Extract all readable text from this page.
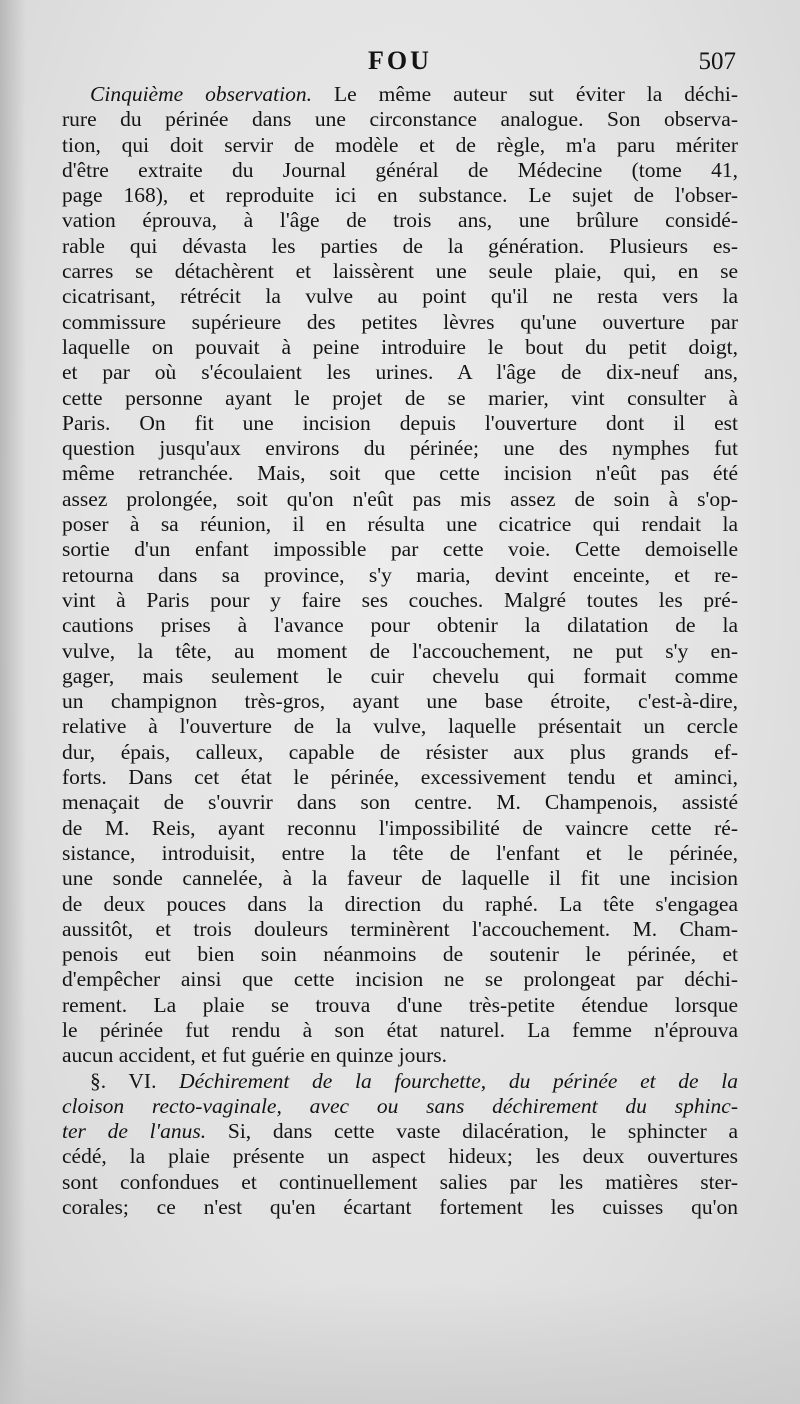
FOU	507
Cinquième observation. Le même auteur sut éviter la déchi-
rure du périnée dans une circonstance analogue. Son observa-
tion, qui doit servir de modèle et de règle, m'a paru mériter
d'être extraite du Journal général de Médecine (tome 41,
page 168), et reproduite ici en substance. Le sujet de l'obser-
vation éprouva, à l'âge de trois ans, une brûlure considé-
rable qui dévasta les parties de la génération. Plusieurs es-
carres se détachèrent et laissèrent une seule plaie, qui, en se
cicatrisant, rétrécit la vulve au point qu'il ne resta vers la
commissure supérieure des petites lèvres qu'une ouverture par
laquelle on pouvait à peine introduire le bout du petit doigt,
et par où s'écoulaient les urines. A l'âge de dix-neuf ans,
cette personne ayant le projet de se marier, vint consulter à
Paris. On fit une incision depuis l'ouverture dont il est
question jusqu'aux environs du périnée; une des nymphes fut
même retranchée. Mais, soit que cette incision n'eût pas été
assez prolongée, soit qu'on n'eût pas mis assez de soin à s'op-
poser à sa réunion, il en résulta une cicatrice qui rendait la
sortie d'un enfant impossible par cette voie. Cette demoiselle
retourna dans sa province, s'y maria, devint enceinte, et re-
vint à Paris pour y faire ses couches. Malgré toutes les pré-
cautions prises à l'avance pour obtenir la dilatation de la
vulve, la tête, au moment de l'accouchement, ne put s'y en-
gager, mais seulement le cuir chevelu qui formait comme
un champignon très-gros, ayant une base étroite, c'est-à-dire,
relative à l'ouverture de la vulve, laquelle présentait un cercle
dur, épais, calleux, capable de résister aux plus grands ef-
forts. Dans cet état le périnée, excessivement tendu et aminci,
menaçait de s'ouvrir dans son centre. M. Champenois, assisté
de M. Reis, ayant reconnu l'impossibilité de vaincre cette ré-
sistance, introduisit, entre la tête de l'enfant et le périnée,
une sonde cannelée, à la faveur de laquelle il fit une incision
de deux pouces dans la direction du raphé. La tête s'engagea
aussitôt, et trois douleurs terminèrent l'accouchement. M. Cham-
penois eut bien soin néanmoins de soutenir le périnée, et
d'empêcher ainsi que cette incision ne se prolongeat par déchi-
rement. La plaie se trouva d'une très-petite étendue lorsque
le périnée fut rendu à son état naturel. La femme n'éprouva
aucun accident, et fut guérie en quinze jours.
§. VI. Déchirement de la fourchette, du périnée et de la
cloison recto-vaginale, avec ou sans déchirement du sphinc-
ter de l'anus. Si, dans cette vaste dilacération, le sphincter a
cédé, la plaie présente un aspect hideux; les deux ouvertures
sont confondues et continuellement salies par les matières ster-
corales; ce n'est qu'en écartant fortement les cuisses qu'on
